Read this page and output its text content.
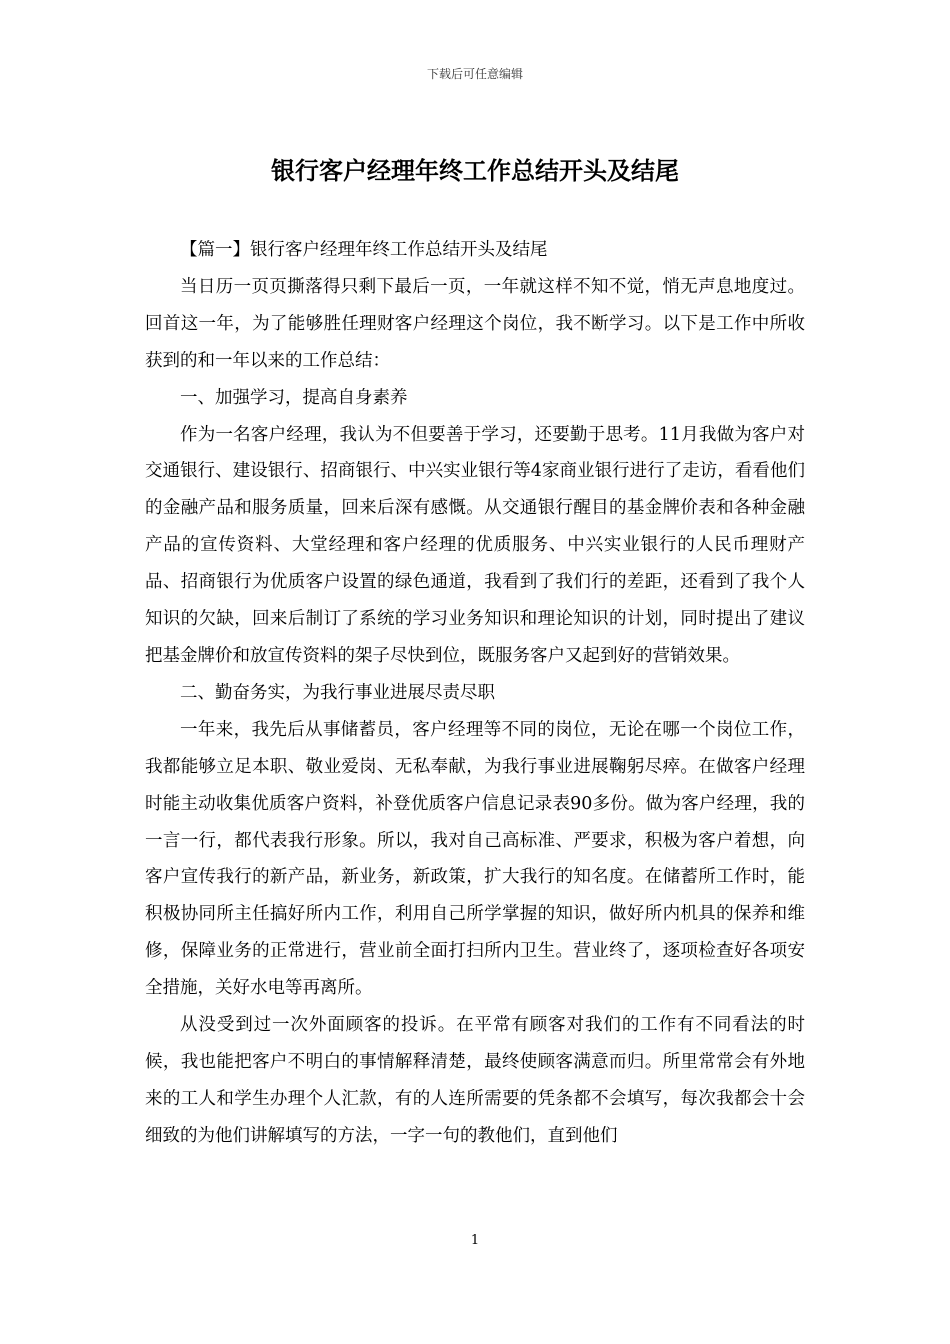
下载后可任意编辑
银行客户经理年终工作总结开头及结尾

【篇一】银行客户经理年终工作总结开头及结尾

当日历一页页撕落得只剩下最后一页，一年就这样不知不觉，悄无声息地度过。回首这一年，为了能够胜任理财客户经理这个岗位，我不断学习。以下是工作中所收获到的和一年以来的工作总结：

一、加强学习，提高自身素养

作为一名客户经理，我认为不但要善于学习，还要勤于思考。11月我做为客户对交通银行、建设银行、招商银行、中兴实业银行等4家商业银行进行了走访，看看他们的金融产品和服务质量，回来后深有感慨。从交通银行醒目的基金牌价表和各种金融产品的宣传资料、大堂经理和客户经理的优质服务、中兴实业银行的人民币理财产品、招商银行为优质客户设置的绿色通道，我看到了我们行的差距，还看到了我个人知识的欠缺，回来后制订了系统的学习业务知识和理论知识的计划，同时提出了建议把基金牌价和放宣传资料的架子尽快到位，既服务客户又起到好的营销效果。

二、勤奋务实，为我行事业进展尽责尽职

一年来，我先后从事储蓄员，客户经理等不同的岗位，无论在哪一个岗位工作，我都能够立足本职、敬业爱岗、无私奉献，为我行事业进展鞠躬尽瘁。在做客户经理时能主动收集优质客户资料，补登优质客户信息记录表90多份。做为客户经理，我的一言一行，都代表我行形象。所以，我对自己高标准、严要求，积极为客户着想，向客户宣传我行的新产品，新业务，新政策，扩大我行的知名度。在储蓄所工作时，能积极协同所主任搞好所内工作，利用自己所学掌握的知识，做好所内机具的保养和维修，保障业务的正常进行，营业前全面打扫所内卫生。营业终了，逐项检查好各项安全措施，关好水电等再离所。

从没受到过一次外面顾客的投诉。在平常有顾客对我们的工作有不同看法的时候，我也能把客户不明白的事情解释清楚，最终使顾客满意而归。所里常常会有外地来的工人和学生办理个人汇款，有的人连所需要的凭条都不会填写，每次我都会十会细致的为他们讲解填写的方法，一字一句的教他们，直到他们

1
